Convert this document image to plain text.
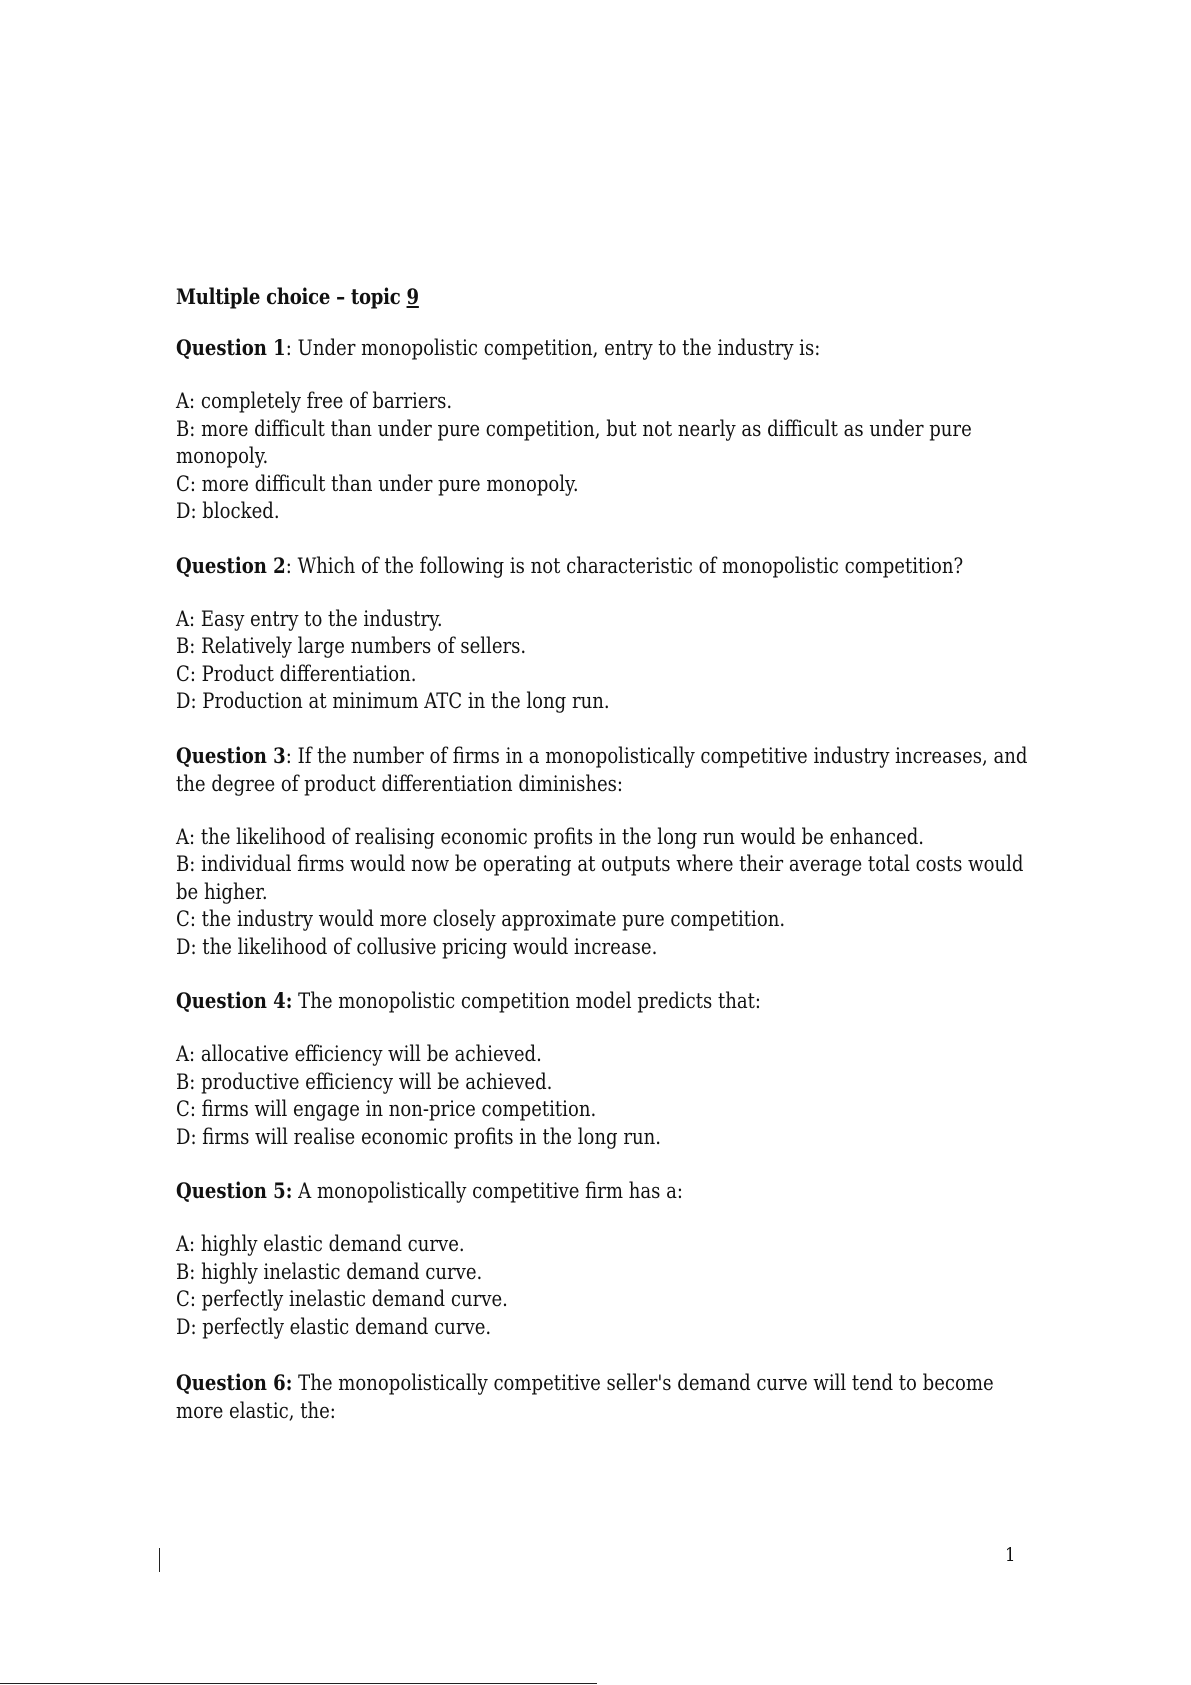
Multiple choice – topic 9
Question 1: Under monopolistic competition, entry to the industry is:
A: completely free of barriers.
B: more difficult than under pure competition, but not nearly as difficult as under pure monopoly.
C: more difficult than under pure monopoly.
D: blocked.
Question 2: Which of the following is not characteristic of monopolistic competition?
A: Easy entry to the industry.
B: Relatively large numbers of sellers.
C: Product differentiation.
D: Production at minimum ATC in the long run.
Question 3: If the number of firms in a monopolistically competitive industry increases, and the degree of product differentiation diminishes:
A: the likelihood of realising economic profits in the long run would be enhanced.
B: individual firms would now be operating at outputs where their average total costs would be higher.
C: the industry would more closely approximate pure competition.
D: the likelihood of collusive pricing would increase.
Question 4: The monopolistic competition model predicts that:
A: allocative efficiency will be achieved.
B: productive efficiency will be achieved.
C: firms will engage in non-price competition.
D: firms will realise economic profits in the long run.
Question 5: A monopolistically competitive firm has a:
A: highly elastic demand curve.
B: highly inelastic demand curve.
C: perfectly inelastic demand curve.
D: perfectly elastic demand curve.
Question 6: The monopolistically competitive seller's demand curve will tend to become more elastic, the:
1
